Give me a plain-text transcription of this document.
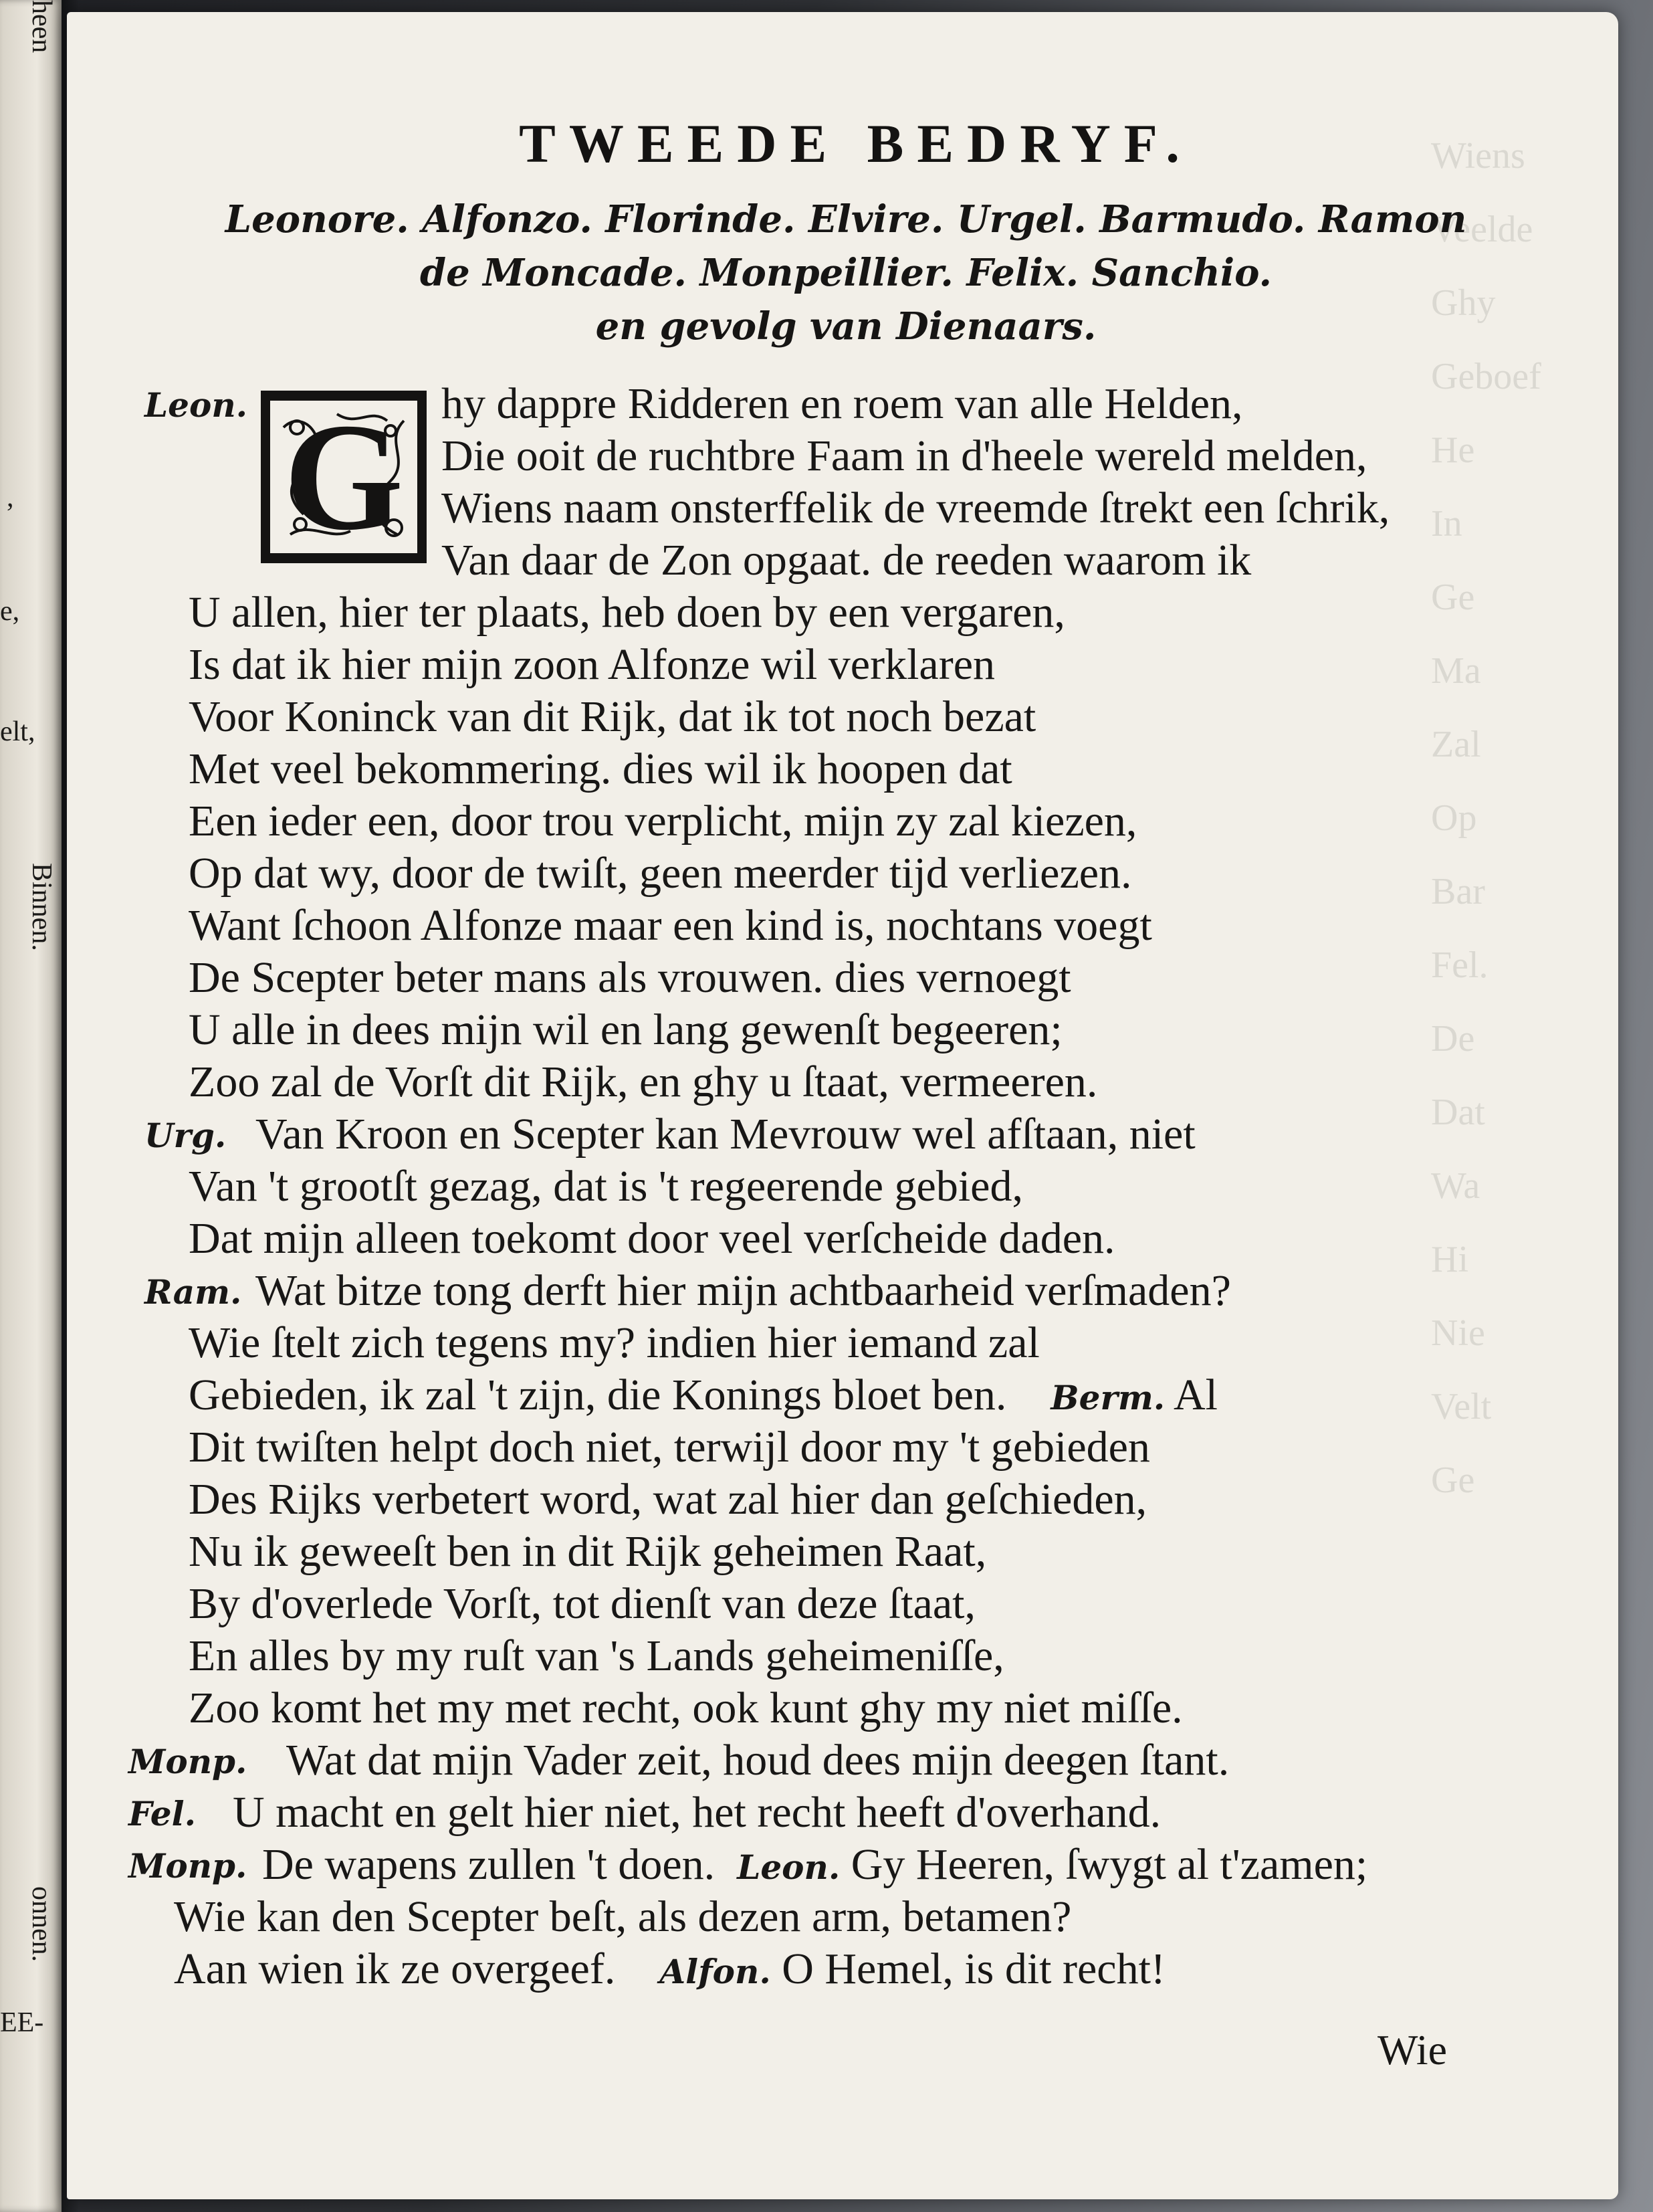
heen
,
e,
elt,
Binnen.
onnen.
EE-
Wiens
Veelde
Ghy
Geboef
He
In
Ge
Ma
Zal
Op
Bar
Fel.
De
Dat
Wa
Hi
Nie
Velt
Ge
TWEEDE BEDRYF.
Leonore. Alfonzo. Florinde. Elvire. Urgel. Barmudo. Ramon
de Moncade. Monpeillier. Felix. Sanchio.
en gevolg van Dienaars.
G
Leon.	hy dappre Ridderen en roem van alle Helden,
Die ooit de ruchtbre Faam in d'heele wereld melden,
Wiens naam onsterffelik de vreemde ſtrekt een ſchrik,
Van daar de Zon opgaat. de reeden waarom ik
U allen, hier ter plaats, heb doen by een vergaren,
Is dat ik hier mijn zoon Alfonze wil verklaren
Voor Koninck van dit Rijk, dat ik tot noch bezat
Met veel bekommering. dies wil ik hoopen dat
Een ieder een, door trou verplicht, mijn zy zal kiezen,
Op dat wy, door de twiſt, geen meerder tijd verliezen.
Want ſchoon Alfonze maar een kind is, nochtans voegt
De Scepter beter mans als vrouwen. dies vernoegt
U alle in dees mijn wil en lang gewenſt begeeren;
Zoo zal de Vorſt dit Rijk, en ghy u ſtaat, vermeeren.
Urg. Van Kroon en Scepter kan Mevrouw wel afſtaan, niet
Van 't grootſt gezag, dat is 't regeerende gebied,
Dat mijn alleen toekomt door veel verſcheide daden.
Ram. Wat bitze tong derft hier mijn achtbaarheid verſmaden?
Wie ſtelt zich tegens my? indien hier iemand zal
Gebieden, ik zal 't zijn, die Konings bloet ben. Berm. Al
Dit twiſten helpt doch niet, terwijl door my 't gebieden
Des Rijks verbetert word, wat zal hier dan geſchieden,
Nu ik geweeſt ben in dit Rijk geheimen Raat,
By d'overlede Vorſt, tot dienſt van deze ſtaat,
En alles by my ruſt van 's Lands geheimeniſſe,
Zoo komt het my met recht, ook kunt ghy my niet miſſe.
Monp. Wat dat mijn Vader zeit, houd dees mijn deegen ſtant.
Fel. U macht en gelt hier niet, het recht heeft d'overhand.
Monp. De wapens zullen 't doen. Leon. Gy Heeren, ſwygt al t'zamen;
Wie kan den Scepter beſt, als dezen arm, betamen?
Aan wien ik ze overgeef. Alfon. O Hemel, is dit recht!
Wie
